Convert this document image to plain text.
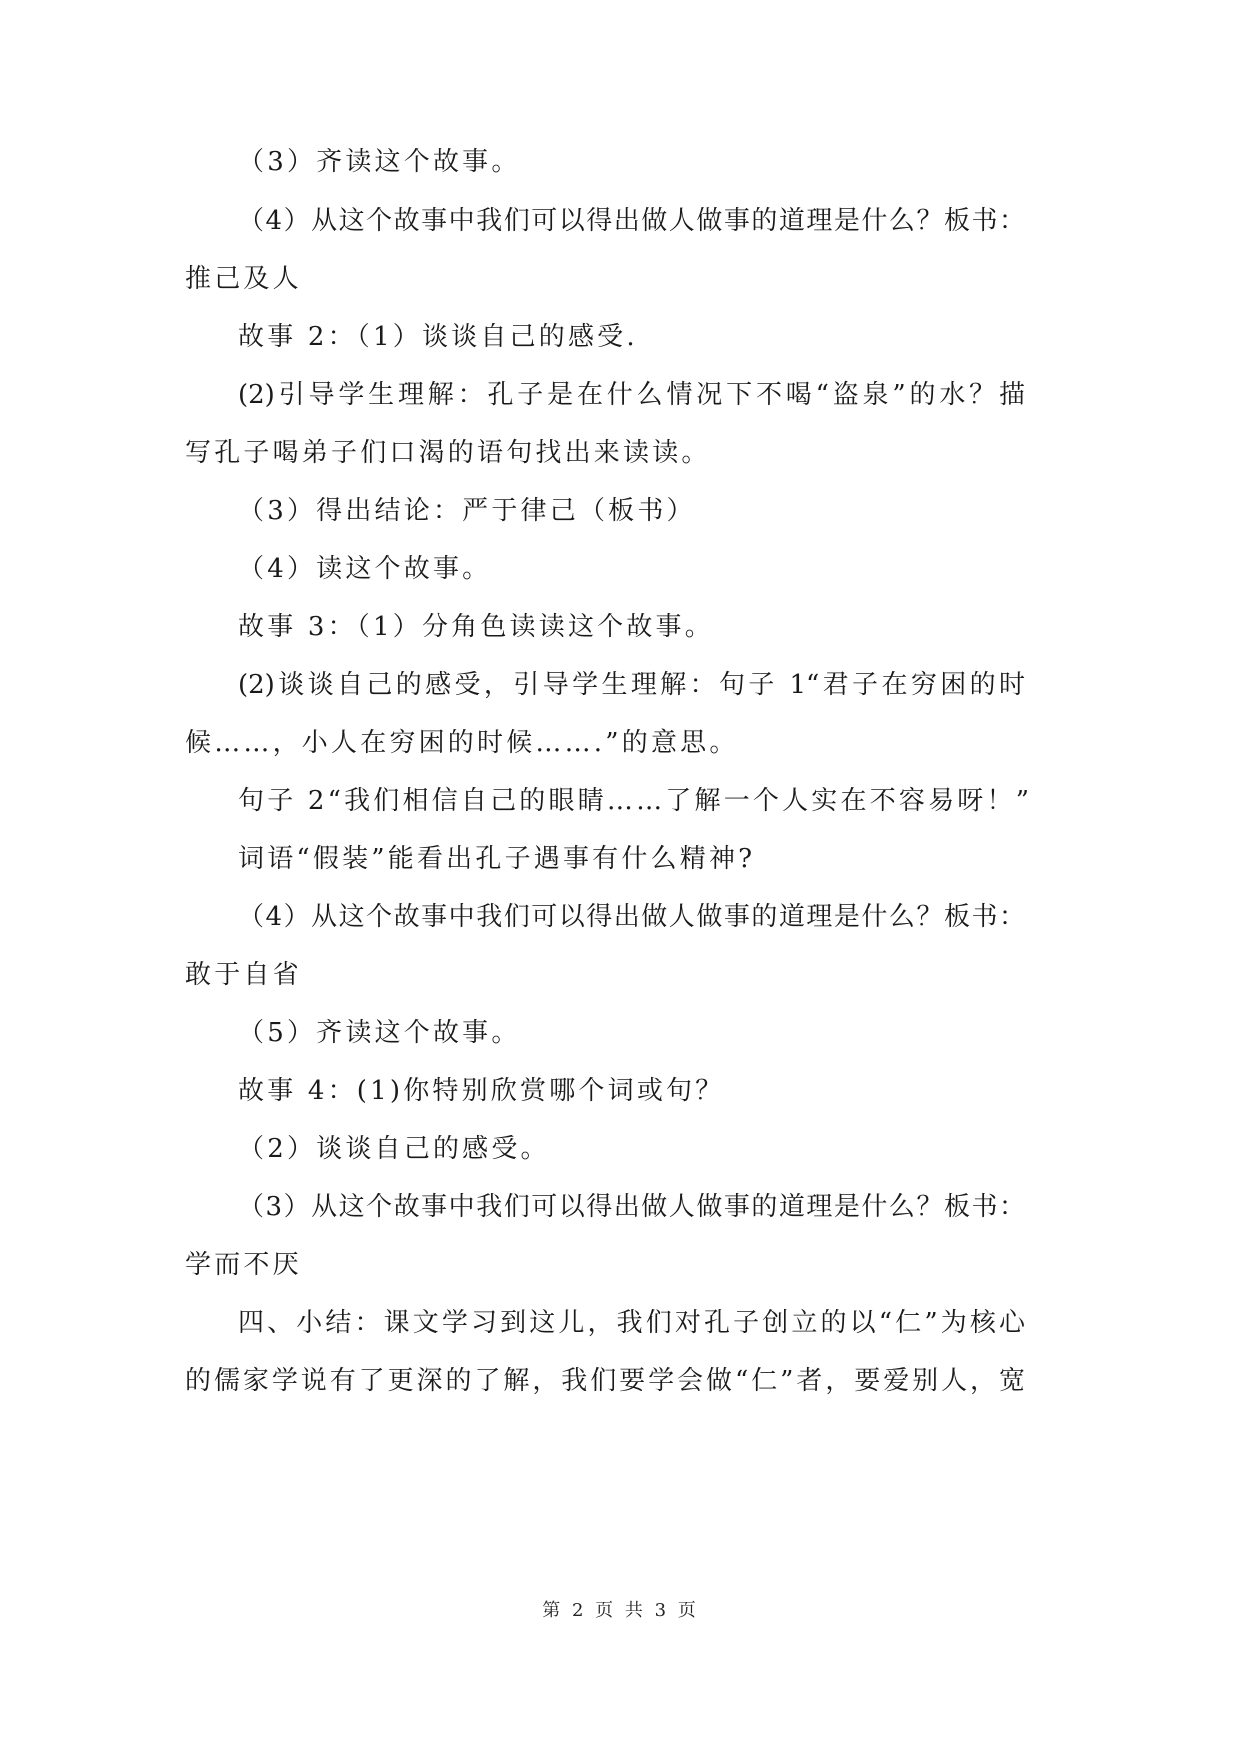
（3）齐读这个故事。
（4）从这个故事中我们可以得出做人做事的道理是什么？板书：
推己及人
故事 2：（1）谈谈自己的感受.
(2)引导学生理解：孔子是在什么情况下不喝“盗泉”的水？描
写孔子喝弟子们口渴的语句找出来读读。
（3）得出结论：严于律己（板书）
（4）读这个故事。
故事 3：（1）分角色读读这个故事。
(2)谈谈自己的感受，引导学生理解：句子 1“君子在穷困的时
候……，小人在穷困的时候…….”的意思。
句子 2“我们相信自己的眼睛……了解一个人实在不容易呀！”
词语“假装”能看出孔子遇事有什么精神?
（4）从这个故事中我们可以得出做人做事的道理是什么？板书：
敢于自省
（5）齐读这个故事。
故事 4：(1)你特别欣赏哪个词或句？
（2）谈谈自己的感受。
（3）从这个故事中我们可以得出做人做事的道理是什么？板书：
学而不厌
四、小结：课文学习到这儿，我们对孔子创立的以“仁”为核心
的儒家学说有了更深的了解，我们要学会做“仁”者，要爱别人，宽
第 2 页 共 3 页
